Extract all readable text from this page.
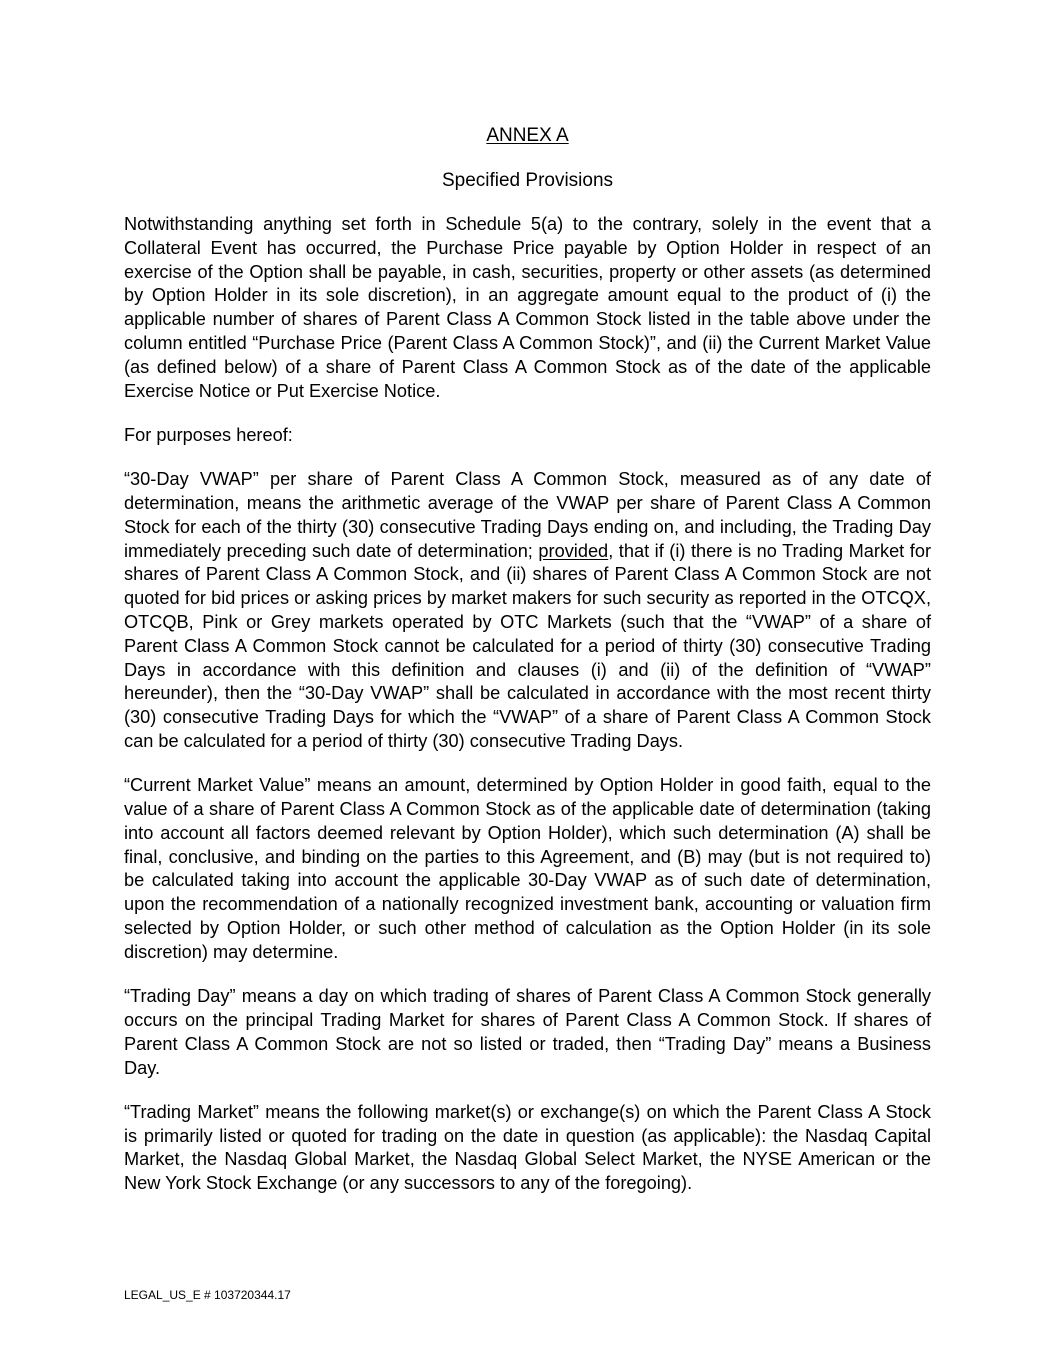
ANNEX A
Specified Provisions

Notwithstanding anything set forth in Schedule 5(a) to the contrary, solely in the event that a Collateral Event has occurred, the Purchase Price payable by Option Holder in respect of an exercise of the Option shall be payable, in cash, securities, property or other assets (as determined by Option Holder in its sole discretion), in an aggregate amount equal to the product of (i) the applicable number of shares of Parent Class A Common Stock listed in the table above under the column entitled “Purchase Price (Parent Class A Common Stock)”, and (ii) the Current Market Value (as defined below) of a share of Parent Class A Common Stock as of the date of the applicable Exercise Notice or Put Exercise Notice.

For purposes hereof:

“30-Day VWAP” per share of Parent Class A Common Stock, measured as of any date of determination, means the arithmetic average of the VWAP per share of Parent Class A Common Stock for each of the thirty (30) consecutive Trading Days ending on, and including, the Trading Day immediately preceding such date of determination; provided, that if (i) there is no Trading Market for shares of Parent Class A Common Stock, and (ii) shares of Parent Class A Common Stock are not quoted for bid prices or asking prices by market makers for such security as reported in the OTCQX, OTCQB, Pink or Grey markets operated by OTC Markets (such that the “VWAP” of a share of Parent Class A Common Stock cannot be calculated for a period of thirty (30) consecutive Trading Days in accordance with this definition and clauses (i) and (ii) of the definition of “VWAP” hereunder), then the “30-Day VWAP” shall be calculated in accordance with the most recent thirty (30) consecutive Trading Days for which the “VWAP” of a share of Parent Class A Common Stock can be calculated for a period of thirty (30) consecutive Trading Days.

“Current Market Value” means an amount, determined by Option Holder in good faith, equal to the value of a share of Parent Class A Common Stock as of the applicable date of determination (taking into account all factors deemed relevant by Option Holder), which such determination (A) shall be final, conclusive, and binding on the parties to this Agreement, and (B) may (but is not required to) be calculated taking into account the applicable 30-Day VWAP as of such date of determination, upon the recommendation of a nationally recognized investment bank, accounting or valuation firm selected by Option Holder, or such other method of calculation as the Option Holder (in its sole discretion) may determine.

“Trading Day” means a day on which trading of shares of Parent Class A Common Stock generally occurs on the principal Trading Market for shares of Parent Class A Common Stock. If shares of Parent Class A Common Stock are not so listed or traded, then “Trading Day” means a Business Day.

“Trading Market” means the following market(s) or exchange(s) on which the Parent Class A Stock is primarily listed or quoted for trading on the date in question (as applicable): the Nasdaq Capital Market, the Nasdaq Global Market, the Nasdaq Global Select Market, the NYSE American or the New York Stock Exchange (or any successors to any of the foregoing).

LEGAL_US_E # 103720344.17
